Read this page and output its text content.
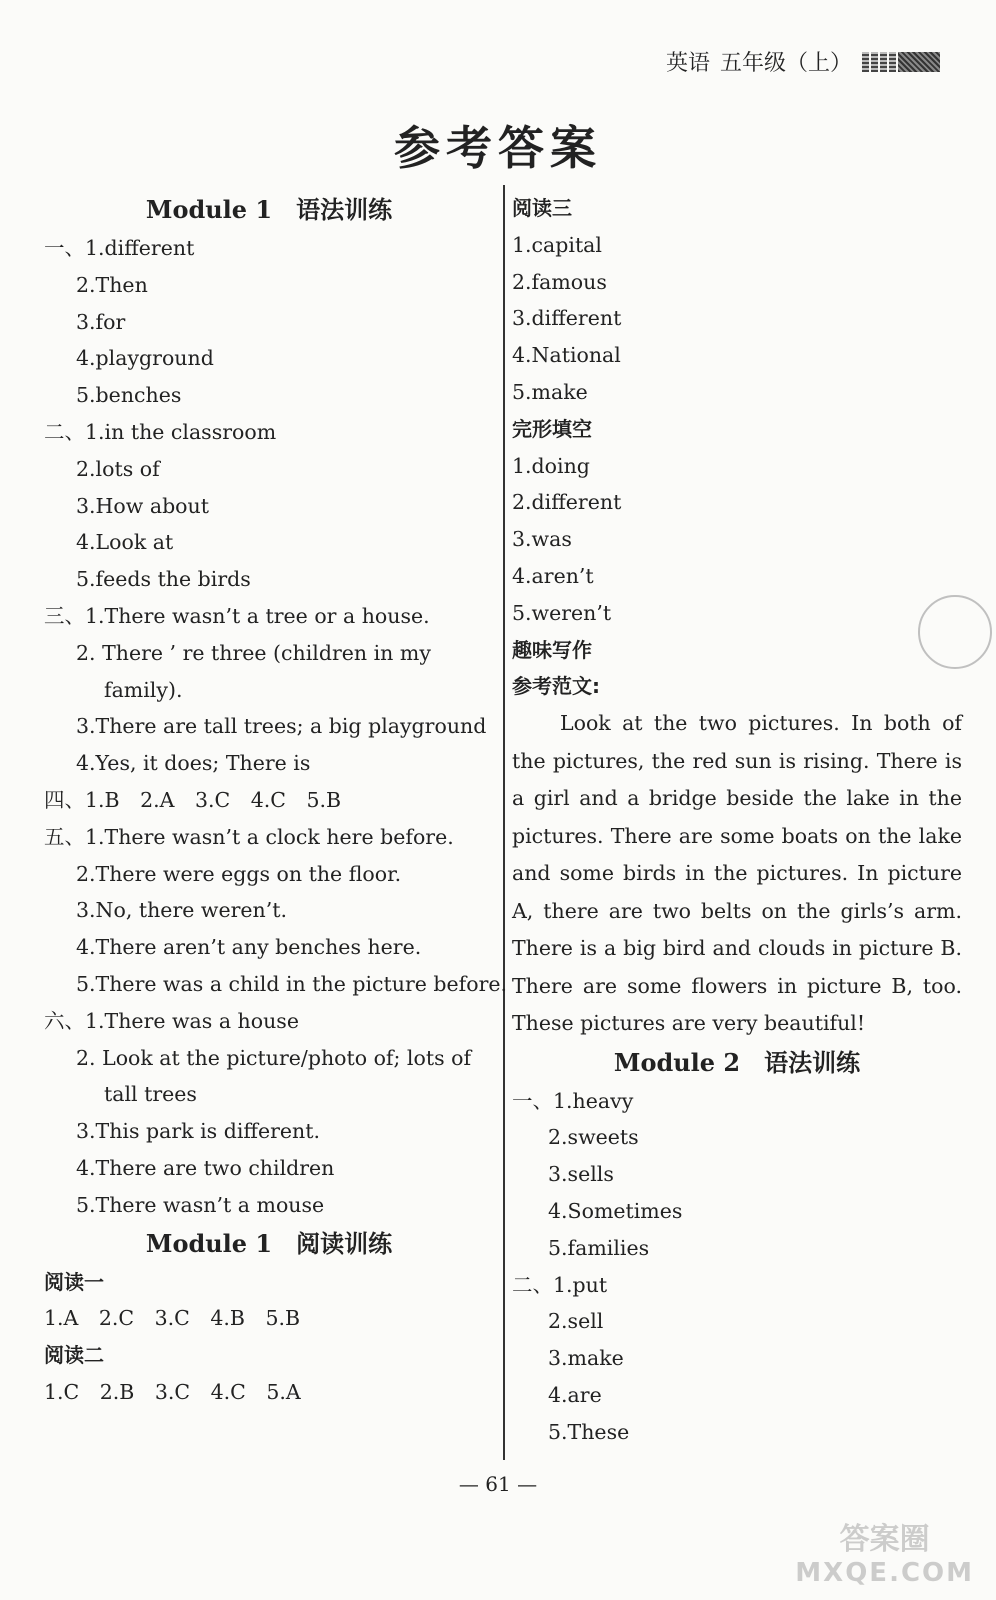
英语 五年级（上）
参考答案
Module 1　语法训练
一、1.different
2.Then
3.for
4.playground
5.benches
二、1.in the classroom
2.lots of
3.How about
4.Look at
5.feeds the birds
三、1.There wasn’t a tree or a house.
2. There ’ re three (children in my
family).
3.There are tall trees; a big playground
4.Yes, it does; There is
四、1.B　2.A　3.C　4.C　5.B
五、1.There wasn’t a clock here before.
2.There were eggs on the floor.
3.No, there weren’t.
4.There aren’t any benches here.
5.There was a child in the picture before.
六、1.There was a house
2. Look at the picture/photo of; lots of
tall trees
3.This park is different.
4.There are two children
5.There wasn’t a mouse
Module 1　阅读训练
阅读一
1.A　2.C　3.C　4.B　5.B
阅读二
1.C　2.B　3.C　4.C　5.A
阅读三
1.capital
2.famous
3.different
4.National
5.make
完形填空
1.doing
2.different
3.was
4.aren’t
5.weren’t
趣味写作
参考范文:
Look at the two pictures. In both of the pictures, the red sun is rising. There is a girl and a bridge beside the lake in the pictures. There are some boats on the lake and some birds in the pictures. In picture A, there are two belts on the girls’s arm. There is a big bird and clouds in picture B. There are some flowers in picture B, too. These pictures are very beautiful!
Module 2　语法训练
一、1.heavy
2.sweets
3.sells
4.Sometimes
5.families
二、1.put
2.sell
3.make
4.are
5.These
— 61 —
答案圈
MXQE.COM
